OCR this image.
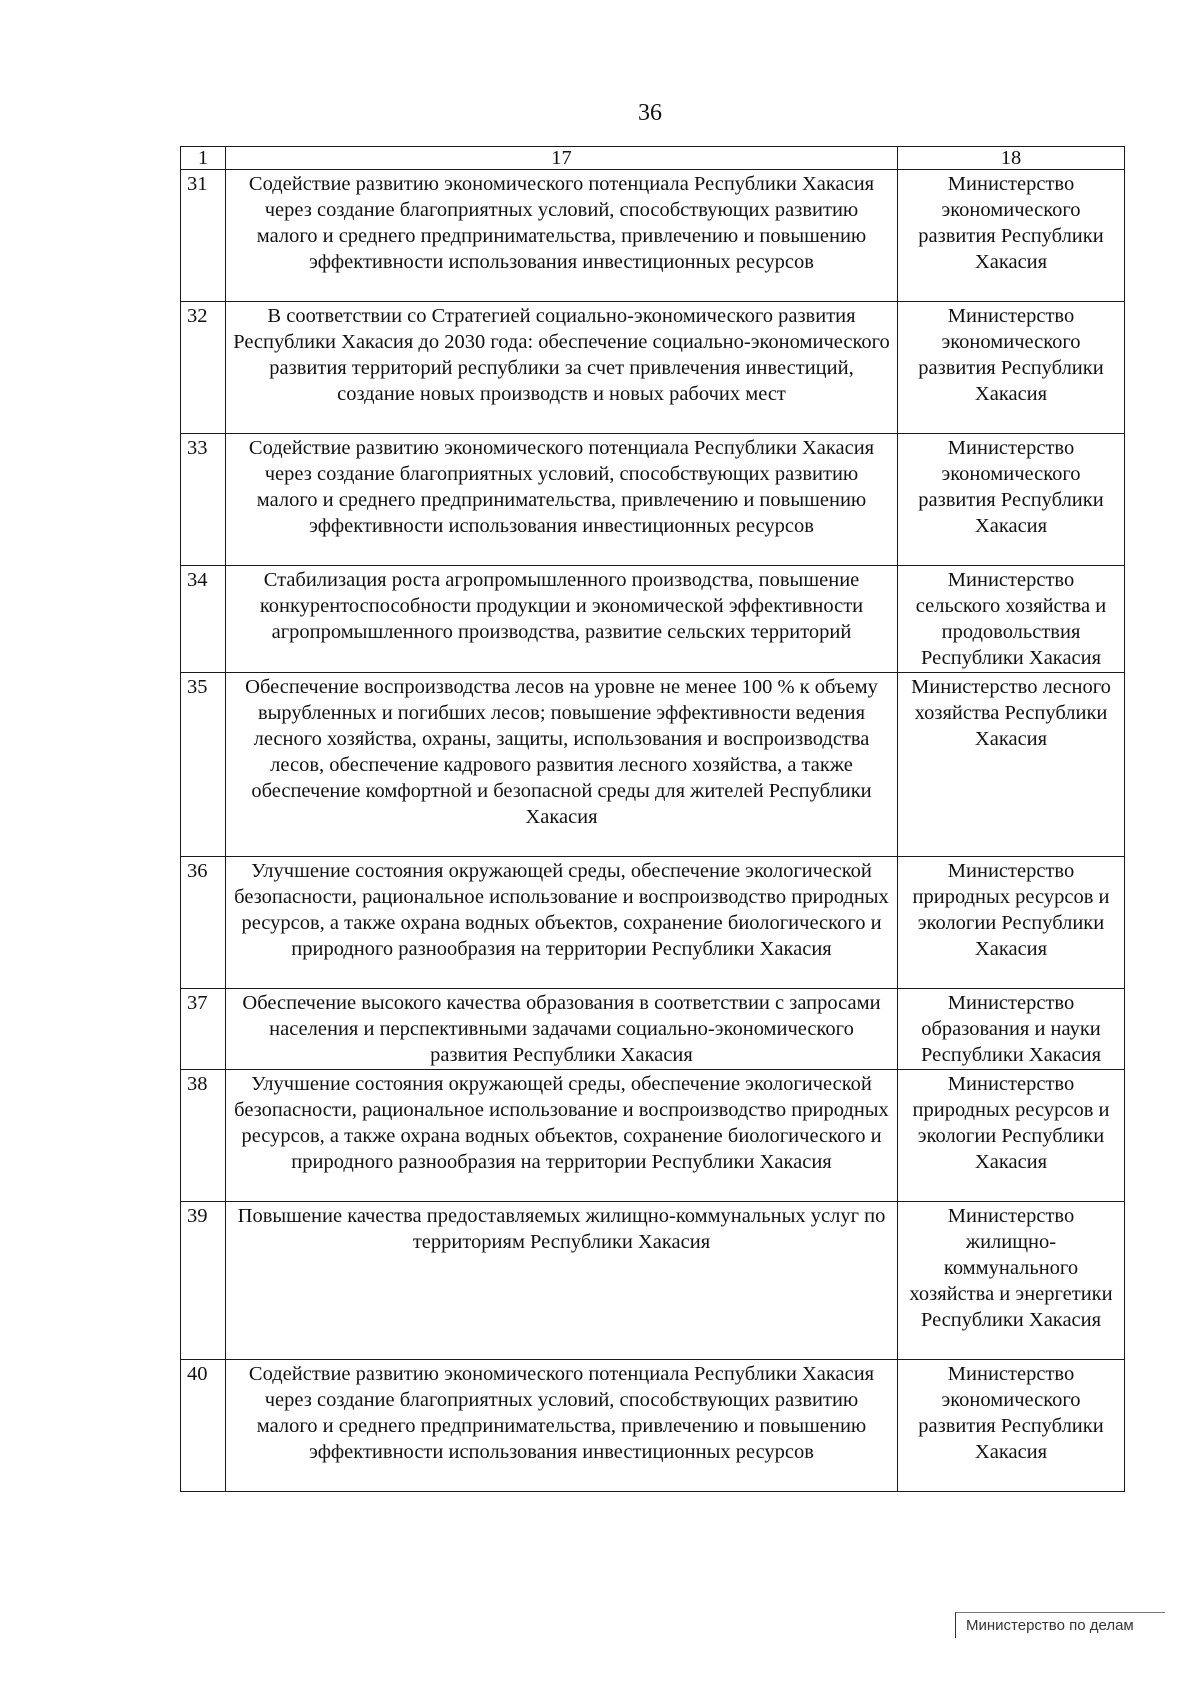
36
1	17	18
31	Содействие развитию экономического потенциала Республики Хакасия через создание благоприятных условий, способствующих развитию малого и среднего предпринимательства, привлечению и повышению эффективности использования инвестиционных ресурсов	Министерство экономического развития Республики Хакасия
32	В соответствии со Стратегией социально-экономического развития Республики Хакасия до 2030 года: обеспечение социально-экономического развития территорий республики за счет привлечения инвестиций, создание новых производств и новых рабочих мест	Министерство экономического развития Республики Хакасия
33	Содействие развитию экономического потенциала Республики Хакасия через создание благоприятных условий, способствующих развитию малого и среднего предпринимательства, привлечению и повышению эффективности использования инвестиционных ресурсов	Министерство экономического развития Республики Хакасия
34	Стабилизация роста агропромышленного производства, повышение конкурентоспособности продукции и экономической эффективности агропромышленного производства, развитие сельских территорий	Министерство сельского хозяйства и продовольствия Республики Хакасия
35	Обеспечение воспроизводства лесов на уровне не менее 100 % к объему вырубленных и погибших лесов; повышение эффективности ведения лесного хозяйства, охраны, защиты, использования и воспроизводства лесов, обеспечение кадрового развития лесного хозяйства, а также обеспечение комфортной и безопасной среды для жителей Республики Хакасия	Министерство лесного хозяйства Республики Хакасия
36	Улучшение состояния окружающей среды, обеспечение экологической безопасности, рациональное использование и воспроизводство природных ресурсов, а также охрана водных объектов, сохранение биологического и природного разнообразия на территории Республики Хакасия	Министерство природных ресурсов и экологии Республики Хакасия
37	Обеспечение высокого качества образования в соответствии с запросами населения и перспективными задачами социально-экономического развития Республики Хакасия	Министерство образования и науки Республики Хакасия
38	Улучшение состояния окружающей среды, обеспечение экологической безопасности, рациональное использование и воспроизводство природных ресурсов, а также охрана водных объектов, сохранение биологического и природного разнообразия на территории Республики Хакасия	Министерство природных ресурсов и экологии Республики Хакасия
39	Повышение качества предоставляемых жилищно-коммунальных услуг по территориям Республики Хакасия	Министерство жилищно-коммунального хозяйства и энергетики Республики Хакасия
40	Содействие развитию экономического потенциала Республики Хакасия через создание благоприятных условий, способствующих развитию малого и среднего предпринимательства, привлечению и повышению эффективности использования инвестиционных ресурсов	Министерство экономического развития Республики Хакасия
Министерство по делам
